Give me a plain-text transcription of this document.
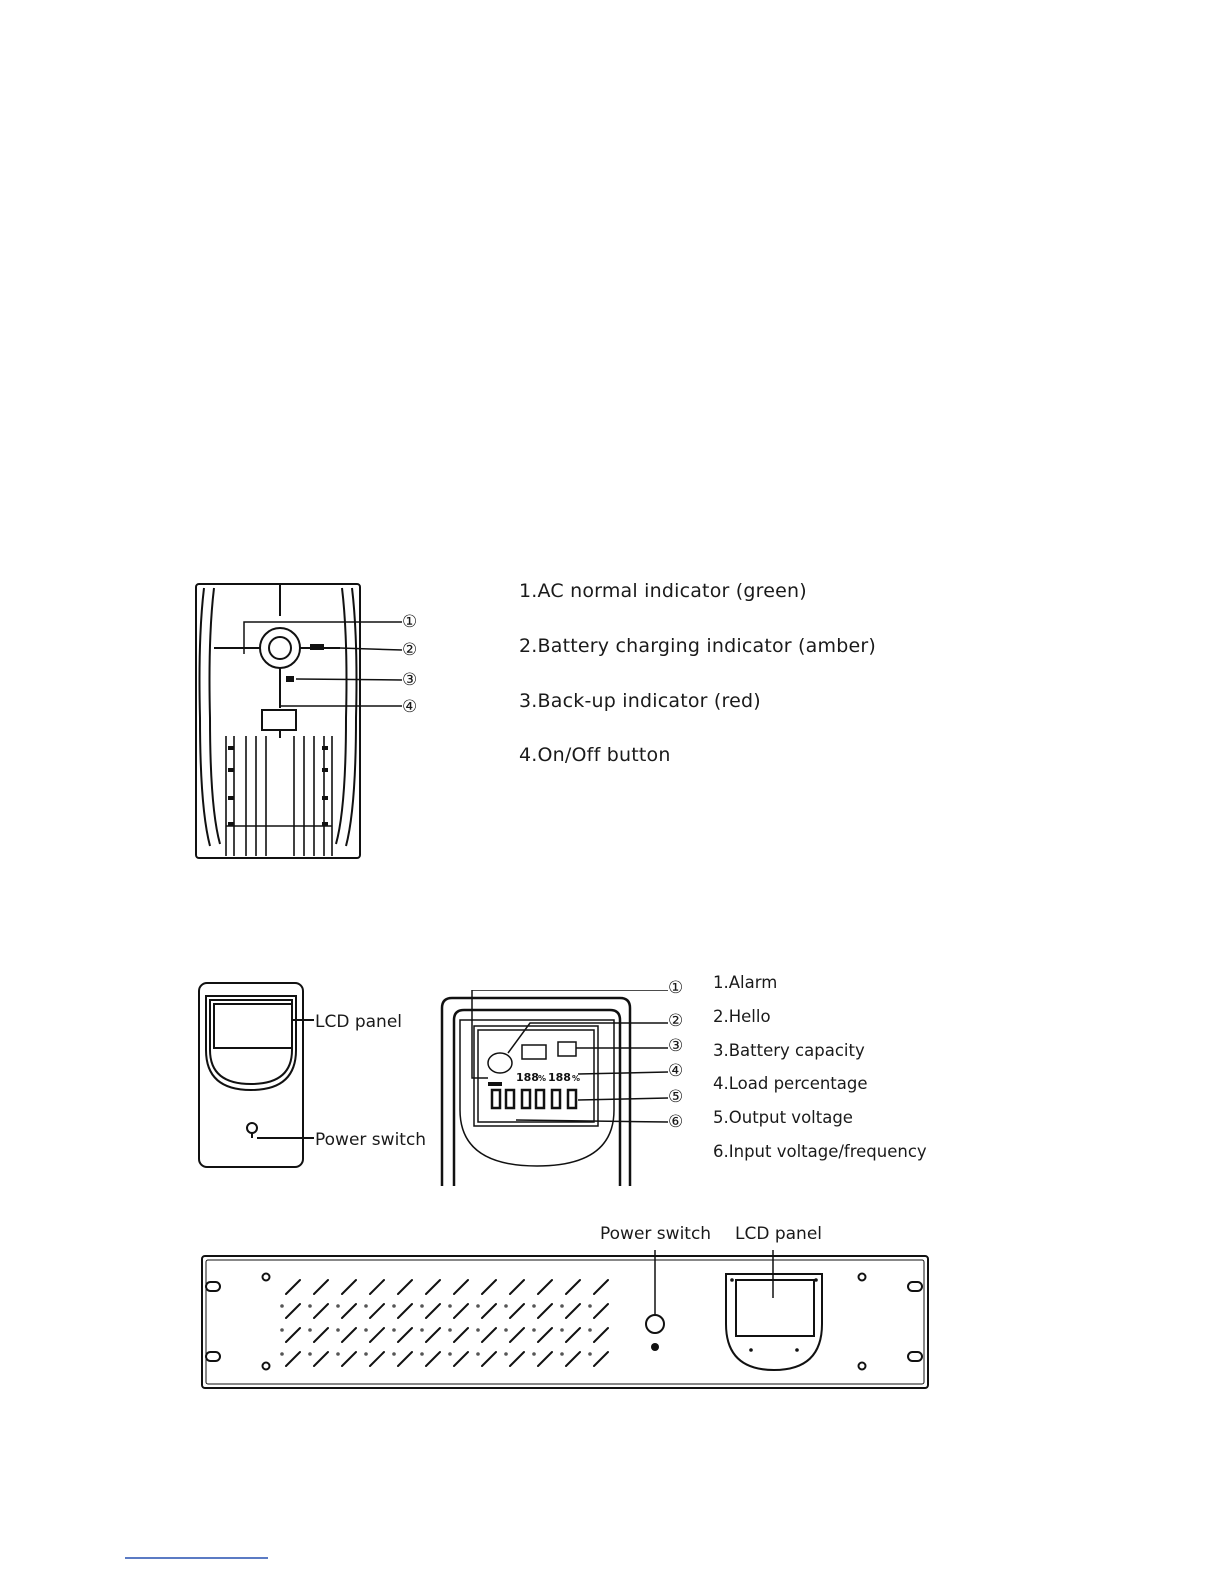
①
②
③
④
1.AC normal indicator (green)
2.Battery charging indicator (amber)
3.Back-up indicator (red)
4.On/Off button
LCD panel
Power switch
188 % 188 %
①
②
③
④
⑤
⑥
1.Alarm
2.Hello
3.Battery capacity
4.Load percentage
5.Output voltage
6.Input voltage/frequency
Power switch LCD panel
